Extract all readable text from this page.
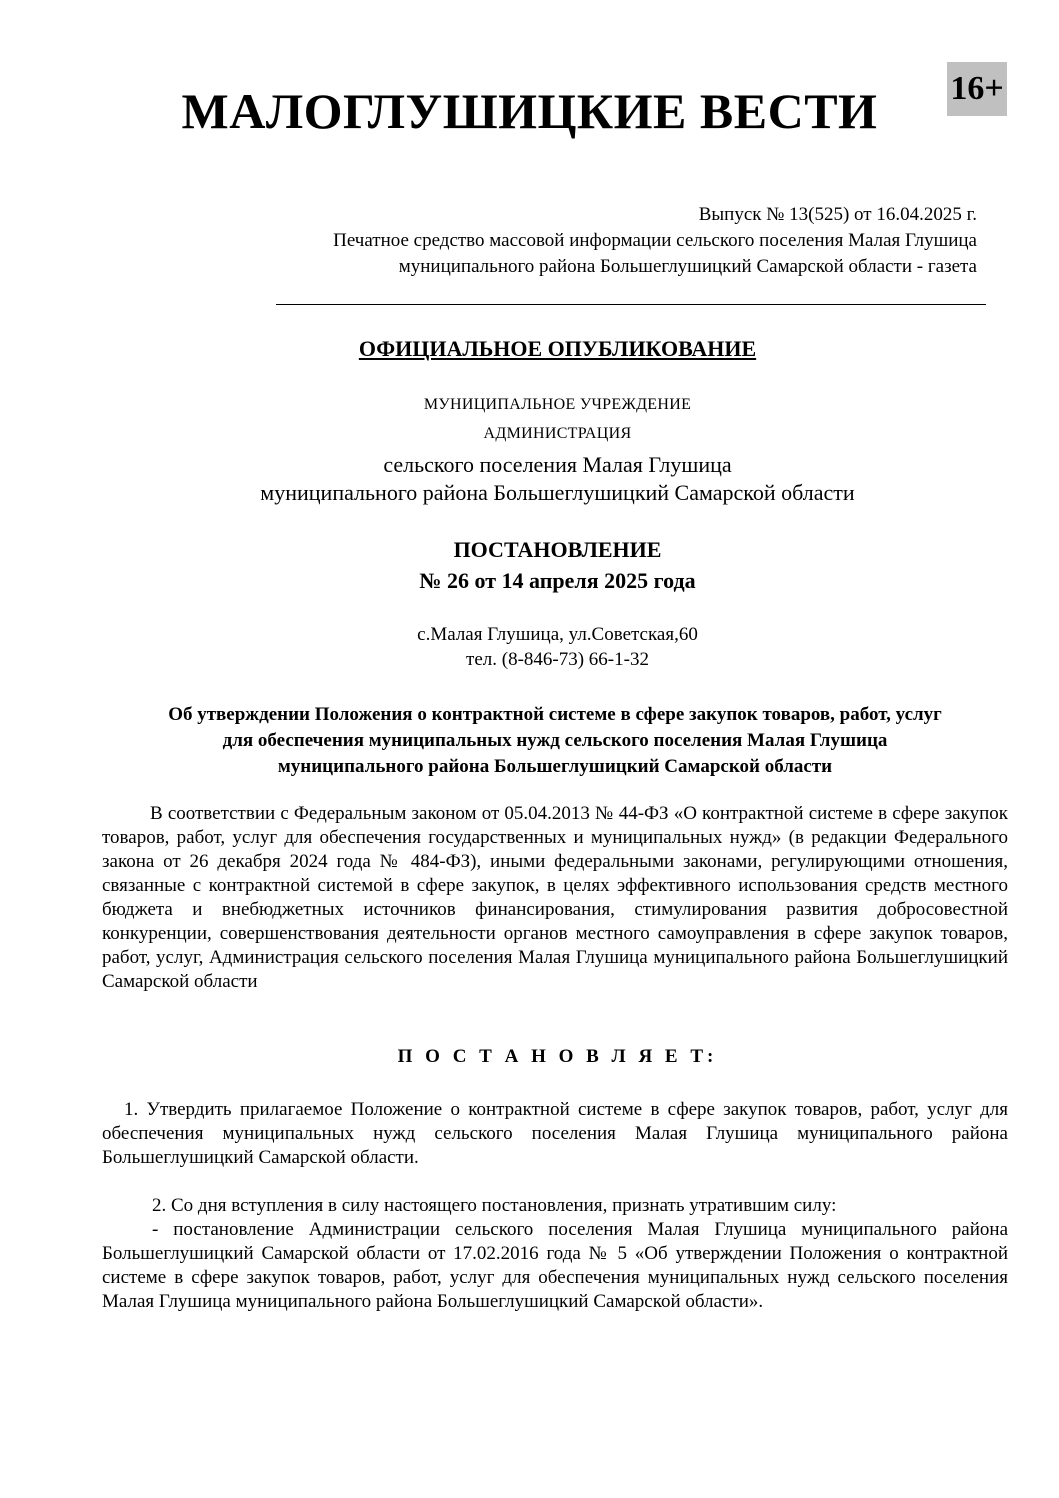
МАЛОГЛУШИЦКИЕ ВЕСТИ	16+
Выпуск № 13(525) от 16.04.2025 г.
Печатное средство массовой информации сельского поселения Малая Глушица
муниципального района Большеглушицкий Самарской области - газета
ОФИЦИАЛЬНОЕ ОПУБЛИКОВАНИЕ
МУНИЦИПАЛЬНОЕ УЧРЕЖДЕНИЕ
АДМИНИСТРАЦИЯ
сельского поселения Малая Глушица
муниципального района Большеглушицкий Самарской области
ПОСТАНОВЛЕНИЕ
№ 26 от 14 апреля 2025 года
с.Малая Глушица, ул.Советская,60
тел. (8-846-73) 66-1-32
Об утверждении Положения о контрактной системе в сфере закупок товаров, работ, услуг
для обеспечения муниципальных нужд сельского поселения Малая Глушица
муниципального района Большеглушицкий Самарской области
В соответствии с Федеральным законом от 05.04.2013 № 44-ФЗ «О контрактной системе в сфере закупок товаров, работ, услуг для обеспечения государственных и муниципальных нужд» (в редакции Федерального закона от 26 декабря 2024 года № 484-ФЗ), иными федеральными законами, регулирующими отношения, связанные с контрактной системой в сфере закупок, в целях эффективного использования средств местного бюджета и внебюджетных источников финансирования, стимулирования развития добросовестной конкуренции, совершенствования деятельности органов местного самоуправления в сфере закупок товаров, работ, услуг, Администрация сельского поселения Малая Глушица муниципального района Большеглушицкий Самарской области
П О С Т А Н О В Л Я Е Т:
1. Утвердить прилагаемое Положение о контрактной системе в сфере закупок товаров, работ, услуг для обеспечения муниципальных нужд сельского поселения Малая Глушица муниципального района Большеглушицкий Самарской области.
2. Со дня вступления в силу настоящего постановления, признать утратившим силу:
- постановление Администрации сельского поселения Малая Глушица муниципального района Большеглушицкий Самарской области от 17.02.2016 года № 5 «Об утверждении Положения о контрактной системе в сфере закупок товаров, работ, услуг для обеспечения муниципальных нужд сельского поселения Малая Глушица муниципального района Большеглушицкий Самарской области».
